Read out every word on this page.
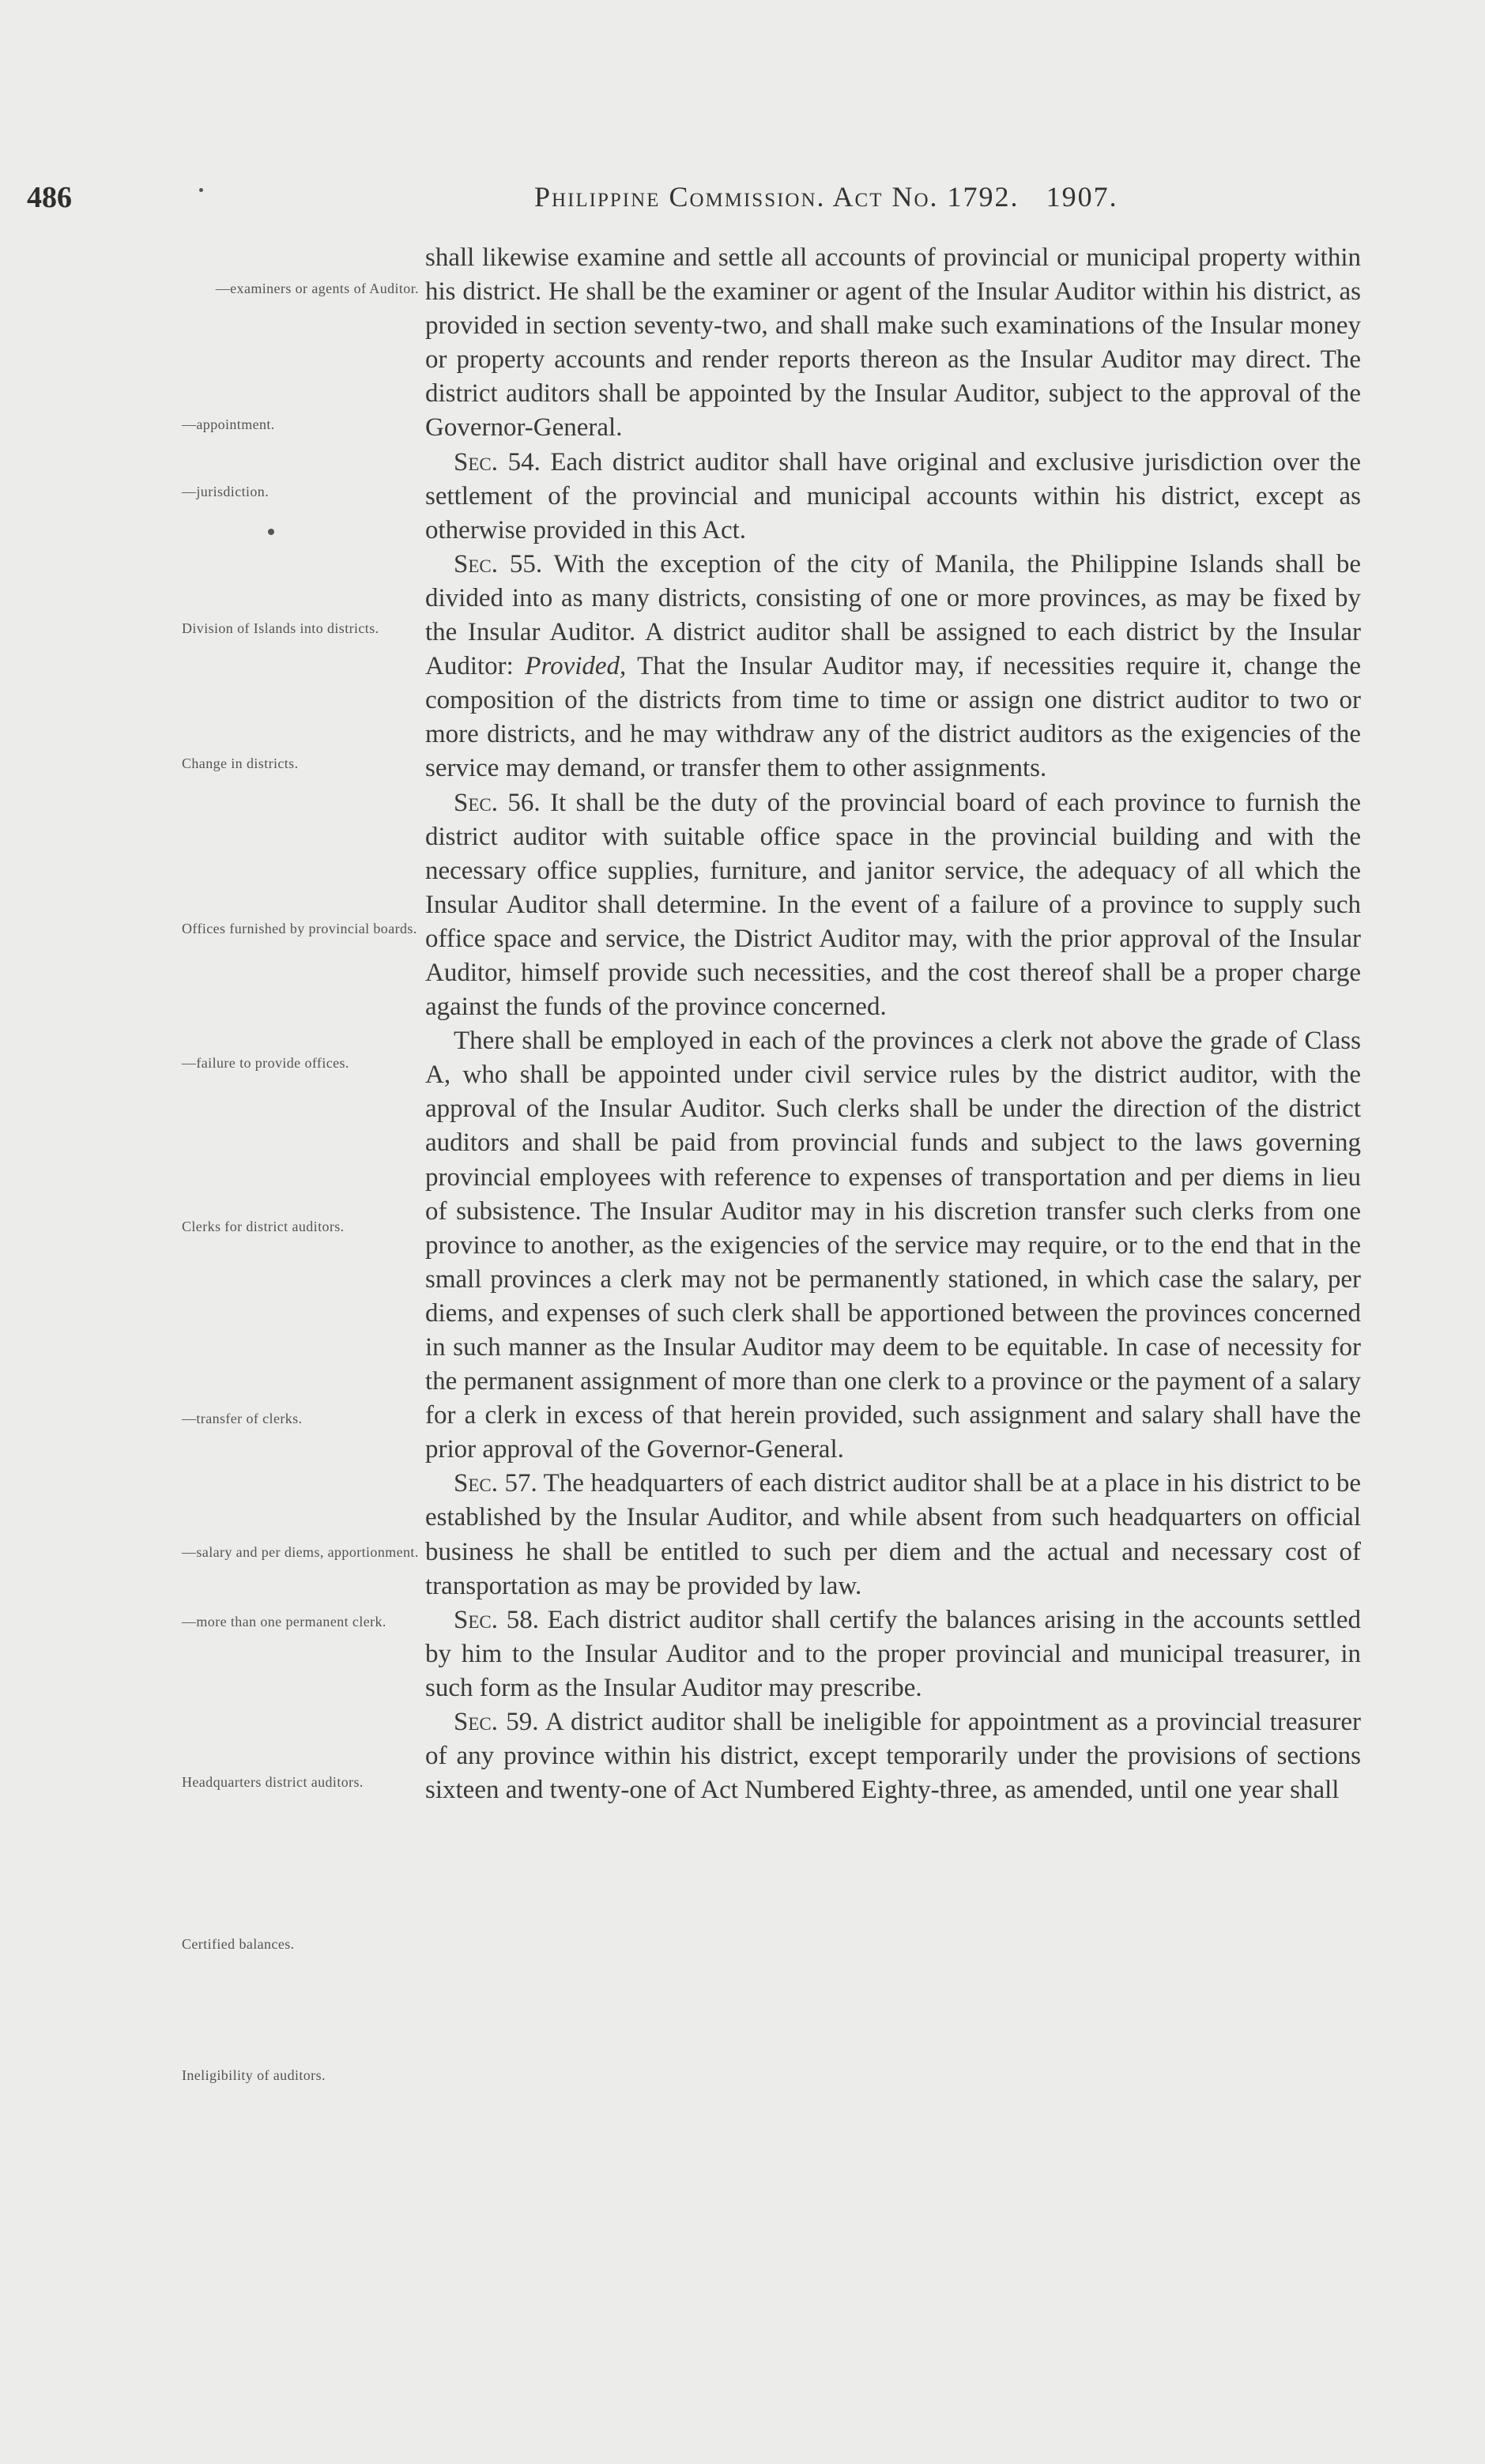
486	Philippine Commission. Act No. 1792. 1907.
—examiners or agents of Auditor.
—appointment.
—jurisdiction.
Division of Islands into districts.
Change in districts.
Offices furnished by provincial boards.
—failure to provide offices.
Clerks for district auditors.
—transfer of clerks.
—salary and per diems, apportionment.
—more than one permanent clerk.
Headquarters district auditors.
Certified balances.
Ineligibility of auditors.

shall likewise examine and settle all accounts of provincial or municipal property within his district. He shall be the examiner or agent of the Insular Auditor within his district, as provided in section seventy-two, and shall make such examinations of the Insular money or property accounts and render reports thereon as the Insular Auditor may direct. The district auditors shall be appointed by the Insular Auditor, subject to the approval of the Governor-General.

Sec. 54. Each district auditor shall have original and exclusive jurisdiction over the settlement of the provincial and municipal accounts within his district, except as otherwise provided in this Act.

Sec. 55. With the exception of the city of Manila, the Philippine Islands shall be divided into as many districts, consisting of one or more provinces, as may be fixed by the Insular Auditor. A district auditor shall be assigned to each district by the Insular Auditor: Provided, That the Insular Auditor may, if necessities require it, change the composition of the districts from time to time or assign one district auditor to two or more districts, and he may withdraw any of the district auditors as the exigencies of the service may demand, or transfer them to other assignments.

Sec. 56. It shall be the duty of the provincial board of each province to furnish the district auditor with suitable office space in the provincial building and with the necessary office supplies, furniture, and janitor service, the adequacy of all which the Insular Auditor shall determine. In the event of a failure of a province to supply such office space and service, the District Auditor may, with the prior approval of the Insular Auditor, himself provide such necessities, and the cost thereof shall be a proper charge against the funds of the province concerned.

There shall be employed in each of the provinces a clerk not above the grade of Class A, who shall be appointed under civil service rules by the district auditor, with the approval of the Insular Auditor. Such clerks shall be under the direction of the district auditors and shall be paid from provincial funds and subject to the laws governing provincial employees with reference to expenses of transportation and per diems in lieu of subsistence. The Insular Auditor may in his discretion transfer such clerks from one province to another, as the exigencies of the service may require, or to the end that in the small provinces a clerk may not be permanently stationed, in which case the salary, per diems, and expenses of such clerk shall be apportioned between the provinces concerned in such manner as the Insular Auditor may deem to be equitable. In case of necessity for the permanent assignment of more than one clerk to a province or the payment of a salary for a clerk in excess of that herein provided, such assignment and salary shall have the prior approval of the Governor-General.

Sec. 57. The headquarters of each district auditor shall be at a place in his district to be established by the Insular Auditor, and while absent from such headquarters on official business he shall be entitled to such per diem and the actual and necessary cost of transportation as may be provided by law.

Sec. 58. Each district auditor shall certify the balances arising in the accounts settled by him to the Insular Auditor and to the proper provincial and municipal treasurer, in such form as the Insular Auditor may prescribe.

Sec. 59. A district auditor shall be ineligible for appointment as a provincial treasurer of any province within his district, except temporarily under the provisions of sections sixteen and twenty-one of Act Numbered Eighty-three, as amended, until one year shall
